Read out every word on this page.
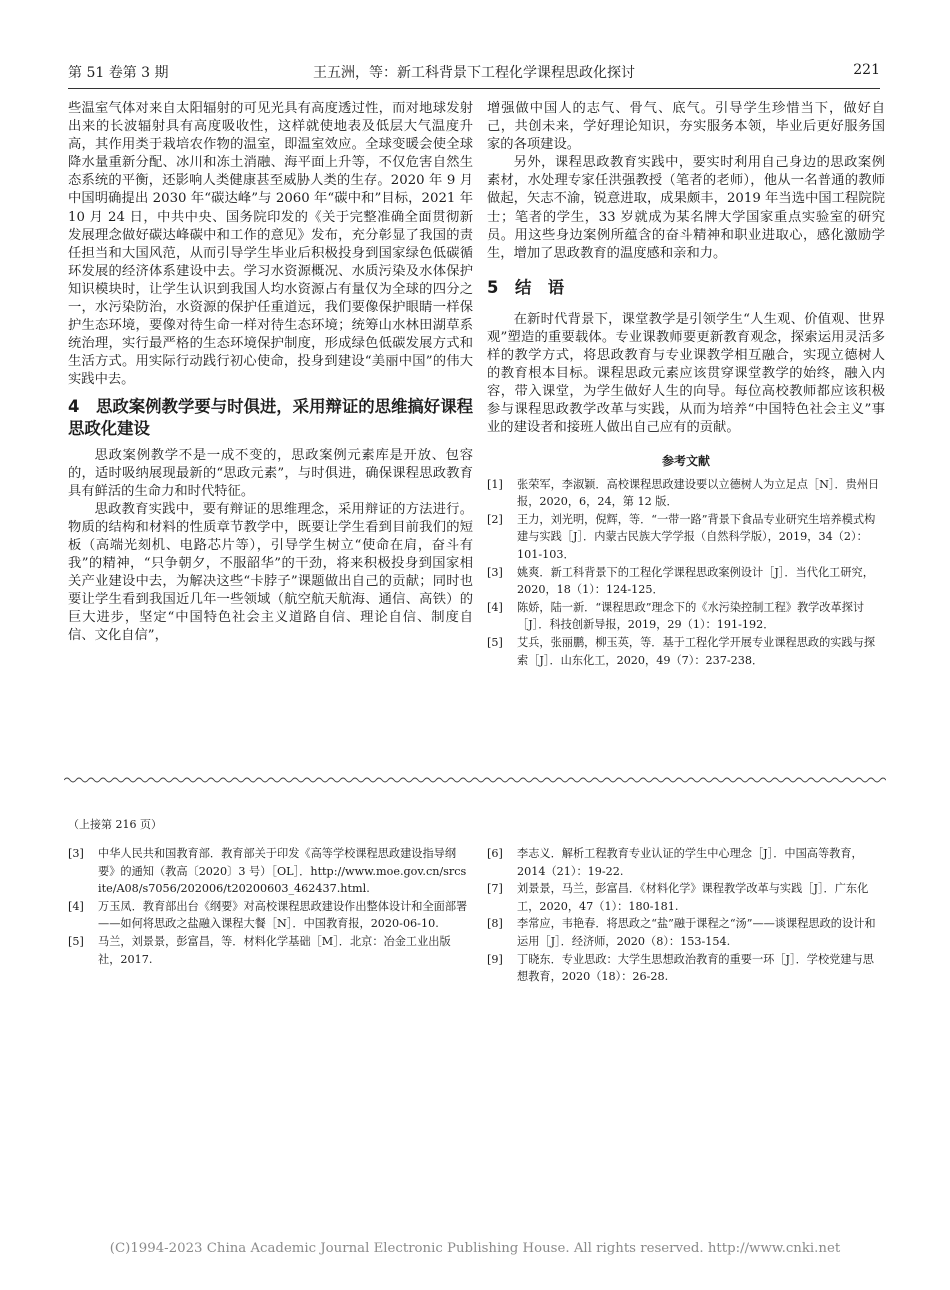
第 51 卷第 3 期	王五洲，等：新工科背景下工程化学课程思政化探讨	221

些温室气体对来自太阳辐射的可见光具有高度透过性，而对地球发射出来的长波辐射具有高度吸收性，这样就使地表及低层大气温度升高，其作用类于栽培农作物的温室，即温室效应。全球变暖会使全球降水量重新分配、冰川和冻土消融、海平面上升等，不仅危害自然生态系统的平衡，还影响人类健康甚至威胁人类的生存。2020 年 9 月中国明确提出 2030 年“碳达峰”与 2060 年“碳中和”目标，2021 年 10 月 24 日，中共中央、国务院印发的《关于完整准确全面贯彻新发展理念做好碳达峰碳中和工作的意见》发布，充分彰显了我国的责任担当和大国风范，从而引导学生毕业后积极投身到国家绿色低碳循环发展的经济体系建设中去。学习水资源概况、水质污染及水体保护知识模块时，让学生认识到我国人均水资源占有量仅为全球的四分之一，水污染防治，水资源的保护任重道远，我们要像保护眼睛一样保护生态环境，要像对待生命一样对待生态环境；统筹山水林田湖草系统治理，实行最严格的生态环境保护制度，形成绿色低碳发展方式和生活方式。用实际行动践行初心使命，投身到建设“美丽中国”的伟大实践中去。

4 思政案例教学要与时俱进，采用辩证的思维搞好课程思政化建设

思政案例教学不是一成不变的，思政案例元素库是开放、包容的，适时吸纳展现最新的“思政元素”，与时俱进，确保课程思政教育具有鲜活的生命力和时代特征。

思政教育实践中，要有辩证的思维理念，采用辩证的方法进行。物质的结构和材料的性质章节教学中，既要让学生看到目前我们的短板（高端光刻机、电路芯片等），引导学生树立“使命在肩，奋斗有我”的精神，“只争朝夕，不服韶华”的干劲，将来积极投身到国家相关产业建设中去，为解决这些“卡脖子”课题做出自己的贡献；同时也要让学生看到我国近几年一些领域（航空航天航海、通信、高铁）的巨大进步，坚定“中国特色社会主义道路自信、理论自信、制度自信、文化自信”，

增强做中国人的志气、骨气、底气。引导学生珍惜当下，做好自己，共创未来，学好理论知识，夯实服务本领，毕业后更好服务国家的各项建设。

另外，课程思政教育实践中，要实时利用自己身边的思政案例素材，水处理专家任洪强教授（笔者的老师），他从一名普通的教师做起，矢志不渝，锐意进取，成果颇丰，2019 年当选中国工程院院士；笔者的学生，33 岁就成为某名牌大学国家重点实验室的研究员。用这些身边案例所蕴含的奋斗精神和职业进取心，感化激励学生，增加了思政教育的温度感和亲和力。

5 结　语

在新时代背景下，课堂教学是引领学生“人生观、价值观、世界观”塑造的重要载体。专业课教师要更新教育观念，探索运用灵活多样的教学方式，将思政教育与专业课教学相互融合，实现立德树人的教育根本目标。课程思政元素应该贯穿课堂教学的始终，融入内容，带入课堂，为学生做好人生的向导。每位高校教师都应该积极参与课程思政教学改革与实践，从而为培养“中国特色社会主义”事业的建设者和接班人做出自己应有的贡献。

参考文献
[1]	张荣军，李淑颖．高校课程思政建设要以立德树人为立足点［N］．贵州日报，2020，6，24，第 12 版．
[2]	王力，刘光明，倪辉，等．“一带一路”背景下食品专业研究生培养模式构建与实践［J］．内蒙古民族大学学报（自然科学版），2019，34（2）：101-103．
[3]	姚爽．新工科背景下的工程化学课程思政案例设计［J］．当代化工研究，2020，18（1）：124-125．
[4]	陈娇，陆一新．“课程思政”理念下的《水污染控制工程》教学改革探讨［J］．科技创新导报，2019，29（1）：191-192．
[5]	艾兵，张丽鹏，柳玉英，等．基于工程化学开展专业课程思政的实践与探索［J］．山东化工，2020，49（7）：237-238．
（上接第 216 页）
[3]	中华人民共和国教育部．教育部关于印发《高等学校课程思政建设指导纲要》的通知（教高〔2020〕3 号）［OL］．http://www.moe.gov.cn/srcsite/A08/s7056/202006/t20200603_462437.html.
[4]	万玉凤．教育部出台《纲要》对高校课程思政建设作出整体设计和全面部署——如何将思政之盐融入课程大餐［N］．中国教育报，2020-06-10.
[5]	马兰，刘景景，彭富昌，等．材料化学基础［M］．北京：冶金工业出版社，2017.
[6]	李志义．解析工程教育专业认证的学生中心理念［J］．中国高等教育，2014（21）：19-22.
[7]	刘景景，马兰，彭富昌．《材料化学》课程教学改革与实践［J］．广东化工，2020，47（1）：180-181.
[8]	李常应，韦艳春．将思政之“盐”融于课程之“汤”——谈课程思政的设计和运用［J］．经济师，2020（8）：153-154.
[9]	丁晓东．专业思政：大学生思想政治教育的重要一环［J］．学校党建与思想教育，2020（18）：26-28.
(C)1994-2023 China Academic Journal Electronic Publishing House. All rights reserved. http://www.cnki.net
